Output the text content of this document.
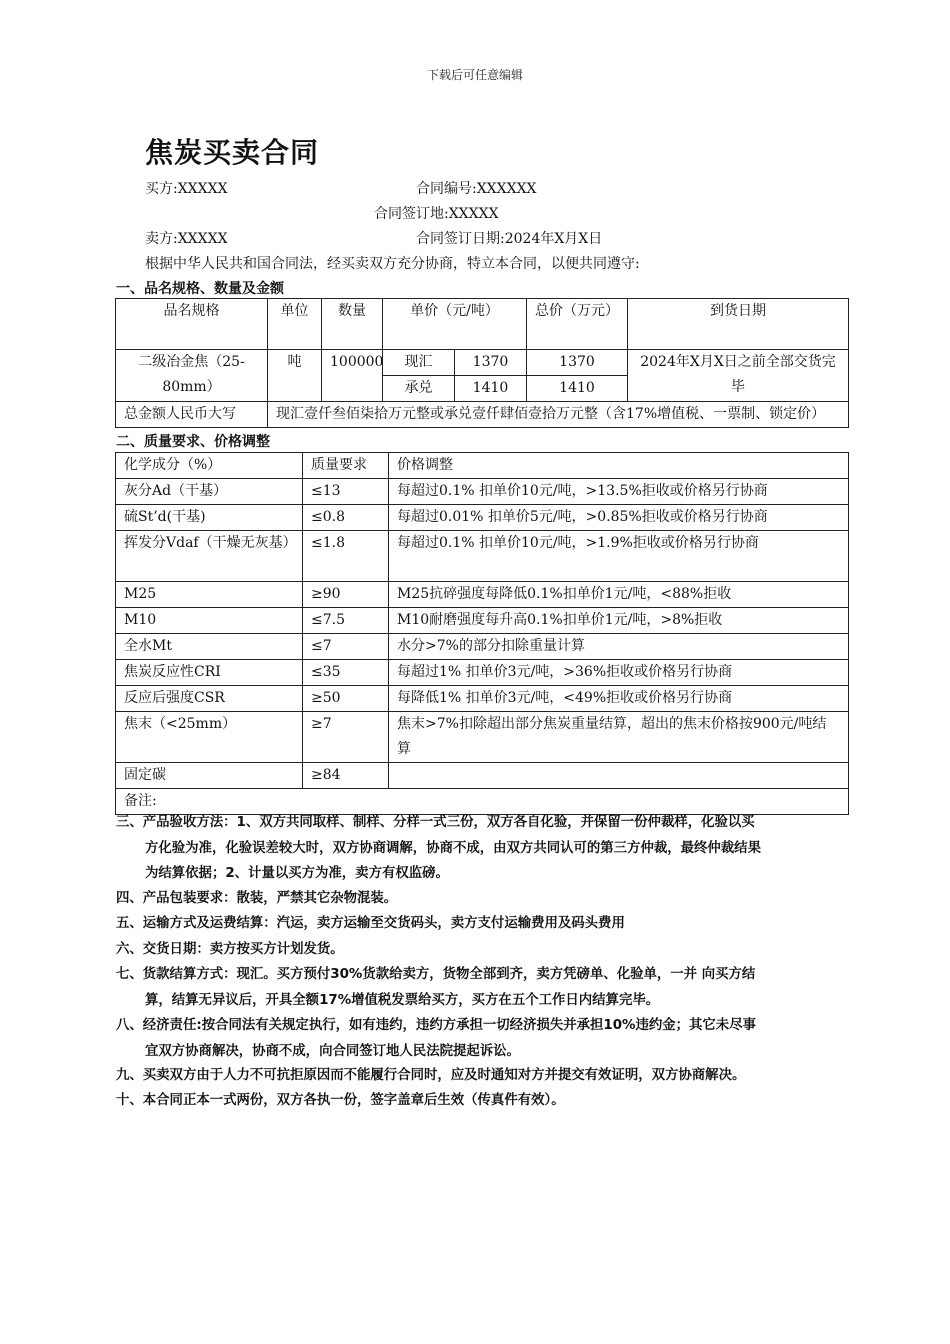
下载后可任意编辑
焦炭买卖合同
买方:XXXXX	合同编号:XXXXXX
合同签订地:XXXXX
卖方:XXXXX	合同签订日期:2024年X月X日
根据中华人民共和国合同法，经买卖双方充分协商，特立本合同，以便共同遵守:
一、品名规格、数量及金额
品名规格	单位	数量	单价（元/吨）		总价（万元）	到货日期
二级冶金焦（25-80mm）	吨	100000	现汇	1370	1370	2024年X月X日之前全部交货完毕
			承兑	1410	1410	
总金额人民币大写	现汇壹仟叁佰柒拾万元整或承兑壹仟肆佰壹拾万元整（含17%增值税、一票制、锁定价）					
二、质量要求、价格调整
化学成分（%）	质量要求	价格调整
灰分Ad（干基）	≤13	每超过0.1% 扣单价10元/吨，>13.5%拒收或价格另行协商
硫St’d(干基)	≤0.8	每超过0.01% 扣单价5元/吨，>0.85%拒收或价格另行协商
挥发分Vdaf（干燥无灰基）	≤1.8	每超过0.1% 扣单价10元/吨，>1.9%拒收或价格另行协商
M25	≥90	M25抗碎强度每降低0.1%扣单价1元/吨，<88%拒收
M10	≤7.5	M10耐磨强度每升高0.1%扣单价1元/吨，>8%拒收
全水Mt	≤7	水分>7%的部分扣除重量计算
焦炭反应性CRI	≤35	每超过1% 扣单价3元/吨，>36%拒收或价格另行协商
反应后强度CSR	≥50	每降低1% 扣单价3元/吨，<49%拒收或价格另行协商
焦末（<25mm）	≥7	焦末>7%扣除超出部分焦炭重量结算，超出的焦末价格按900元/吨结算
固定碳	≥84	
备注:		
三、产品验收方法：1、双方共同取样、制样、分样一式三份，双方各自化验，并保留一份仲裁样，化验以买
方化验为准，化验误差较大时，双方协商调解，协商不成，由双方共同认可的第三方仲裁，最终仲裁结果
为结算依据；2、计量以买方为准，卖方有权监磅。
四、产品包装要求：散装，严禁其它杂物混装。
五、运输方式及运费结算：汽运，卖方运输至交货码头，卖方支付运输费用及码头费用
六、交货日期：卖方按买方计划发货。
七、货款结算方式：现汇。买方预付30%货款给卖方，货物全部到齐，卖方凭磅单、化验单，一并 向买方结
算，结算无异议后，开具全额17%增值税发票给买方，买方在五个工作日内结算完毕。
八、经济责任:按合同法有关规定执行，如有违约，违约方承担一切经济损失并承担10%违约金；其它未尽事
宜双方协商解决，协商不成，向合同签订地人民法院提起诉讼。
九、买卖双方由于人力不可抗拒原因而不能履行合同时，应及时通知对方并提交有效证明，双方协商解决。
十、本合同正本一式两份，双方各执一份，签字盖章后生效（传真件有效）。
